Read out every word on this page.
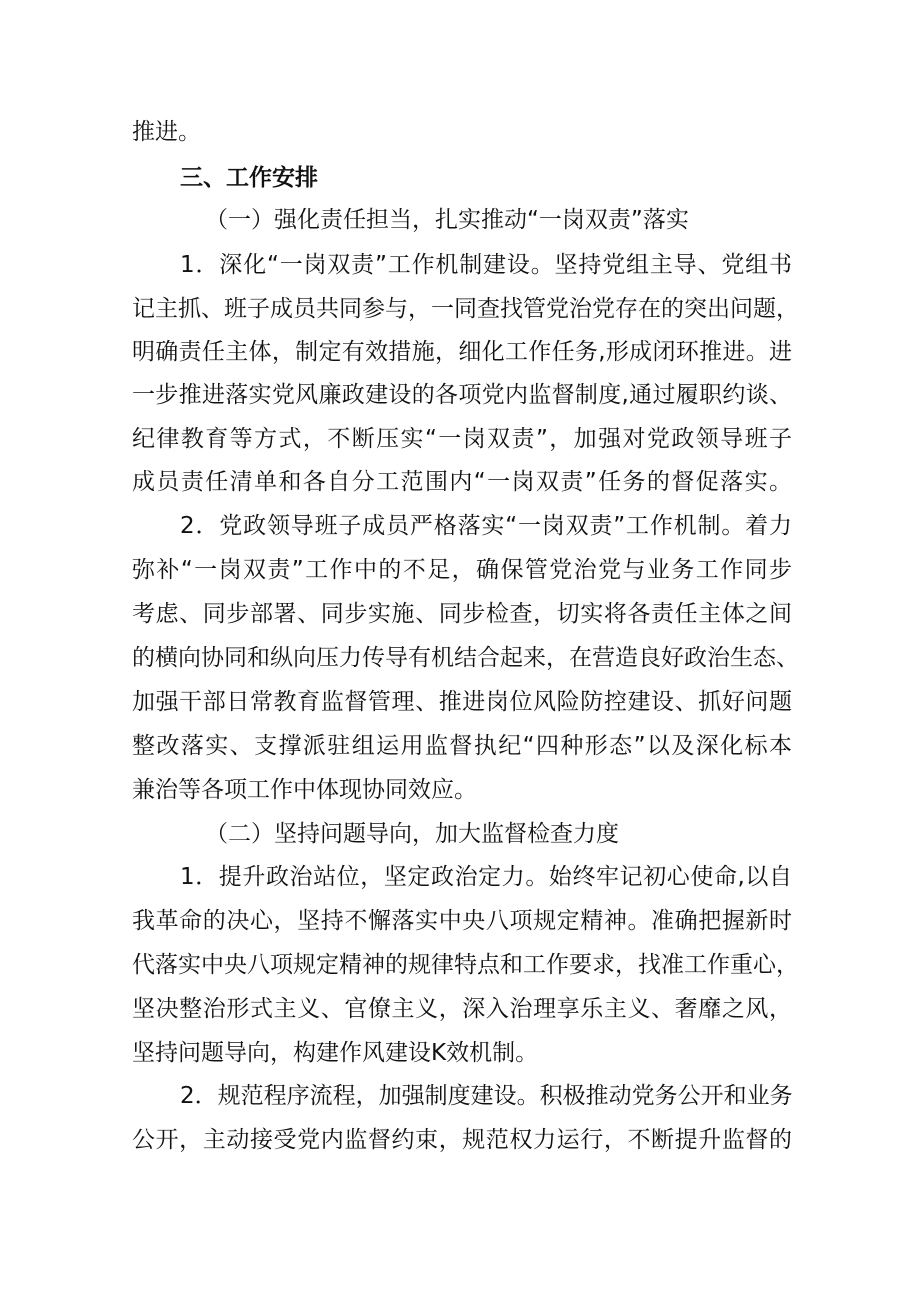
推进。
三、工作安排
（一）强化责任担当，扎实推动“一岗双责”落实
1．深化“一岗双责”工作机制建设。坚持党组主导、党组书
记主抓、班子成员共同参与，一同查找管党治党存在的突出问题，
明确责任主体，制定有效措施，细化工作任务,形成闭环推进。进
一步推进落实党风廉政建设的各项党内监督制度,通过履职约谈、
纪律教育等方式，不断压实“一岗双责”，加强对党政领导班子
成员责任清单和各自分工范围内“一岗双责”任务的督促落实。
2．党政领导班子成员严格落实“一岗双责”工作机制。着力
弥补“一岗双责”工作中的不足，确保管党治党与业务工作同步
考虑、同步部署、同步实施、同步检查，切实将各责任主体之间
的横向协同和纵向压力传导有机结合起来，在营造良好政治生态、
加强干部日常教育监督管理、推进岗位风险防控建设、抓好问题
整改落实、支撑派驻组运用监督执纪“四种形态”以及深化标本
兼治等各项工作中体现协同效应。
（二）坚持问题导向，加大监督检查力度
1．提升政治站位，坚定政治定力。始终牢记初心使命,以自
我革命的决心，坚持不懈落实中央八项规定精神。准确把握新时
代落实中央八项规定精神的规律特点和工作要求，找准工作重心，
坚决整治形式主义、官僚主义，深入治理享乐主义、奢靡之风，
坚持问题导向，构建作风建设K效机制。
2．规范程序流程，加强制度建设。积极推动党务公开和业务
公开，主动接受党内监督约束，规范权力运行，不断提升监督的
